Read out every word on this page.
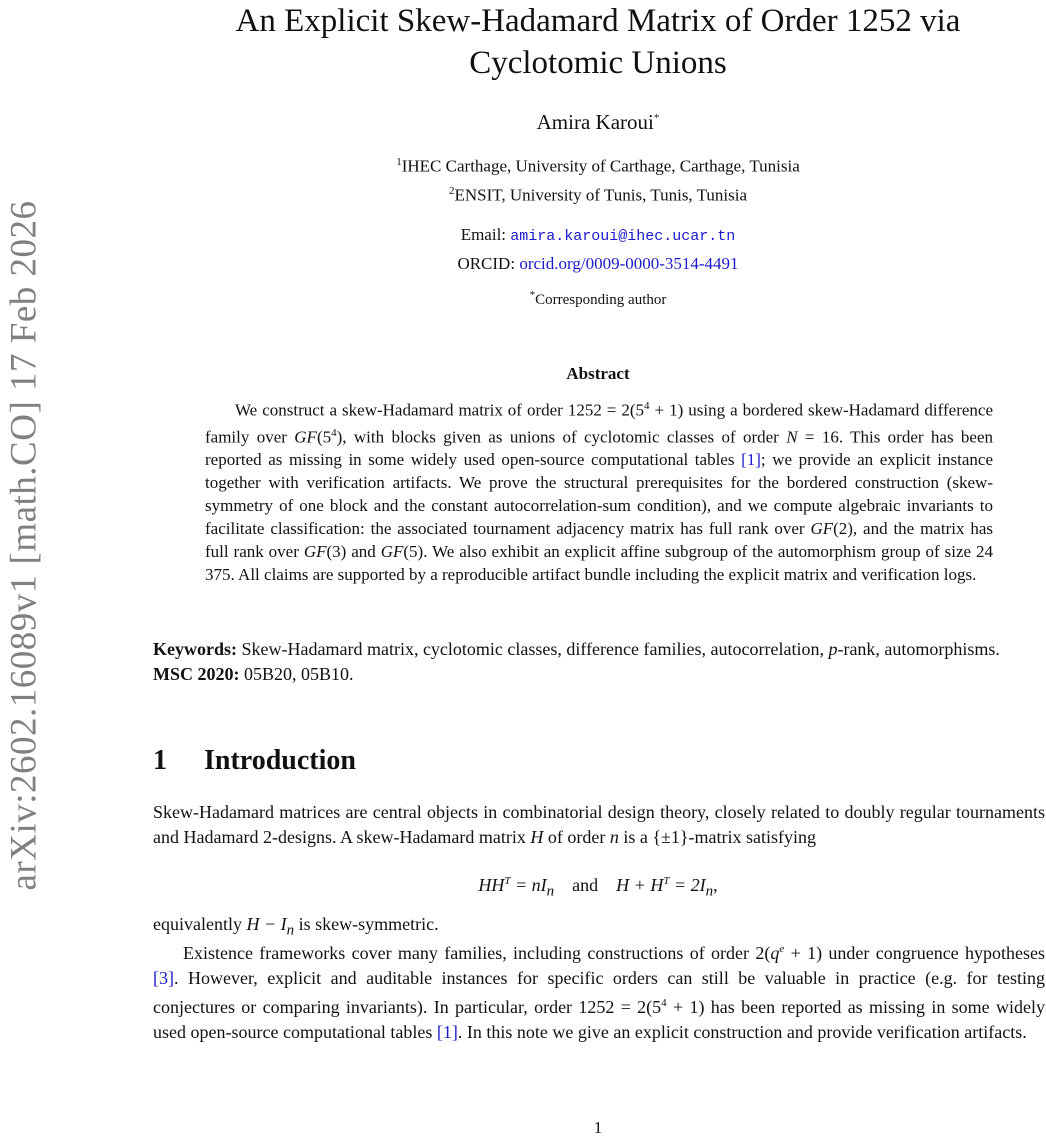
arXiv:2602.16089v1 [math.CO] 17 Feb 2026
An Explicit Skew-Hadamard Matrix of Order 1252 via
Cyclotomic Unions
Amira Karoui*
$^1$IHEC Carthage, University of Carthage, Carthage, Tunisia
$^2$ENSIT, University of Tunis, Tunis, Tunisia
Email: amira.karoui@ihec.ucar.tn
ORCID: orcid.org/0009-0000-3514-4491
*Corresponding author
Abstract

We construct a skew-Hadamard matrix of order $1252 = 2(5^4 + 1)$ using a bordered skew-Hadamard difference family over $GF(5^4)$, with blocks given as unions of cyclotomic classes of order N = 16. This order has been reported as missing in some widely used open-source computational tables [1]; we provide an explicit instance together with verification artifacts. We prove the structural prerequisites for the bordered construction (skew-symmetry of one block and the constant autocorrelation-sum condition), and we compute algebraic invariants to facilitate classification: the associated tournament adjacency matrix has full rank over GF(2), and the matrix has full rank over GF(3) and GF(5). We also exhibit an explicit affine subgroup of the automorphism group of size 24 375. All claims are supported by a reproducible artifact bundle including the explicit matrix and verification logs.

Keywords: Skew-Hadamard matrix, cyclotomic classes, difference families, autocorrelation, p-rank, automorphisms.
MSC 2020: 05B20, 05B10.
1 Introduction

Skew-Hadamard matrices are central objects in combinatorial design theory, closely related to doubly regular tournaments and Hadamard 2-designs. A skew-Hadamard matrix H of order n is a {±1}-matrix satisfying

$HH^T = nI_n$ and $H + H^T = 2I_n$,

equivalently $H - I_n$ is skew-symmetric.

Existence frameworks cover many families, including constructions of order $2(q^e + 1)$ under congruence hypotheses [3]. However, explicit and auditable instances for specific orders can still be valuable in practice (e.g. for testing conjectures or comparing invariants). In particular, order $1252 = 2(5^4 + 1)$ has been reported as missing in some widely used open-source computational tables [1]. In this note we give an explicit construction and provide verification artifacts.

1
